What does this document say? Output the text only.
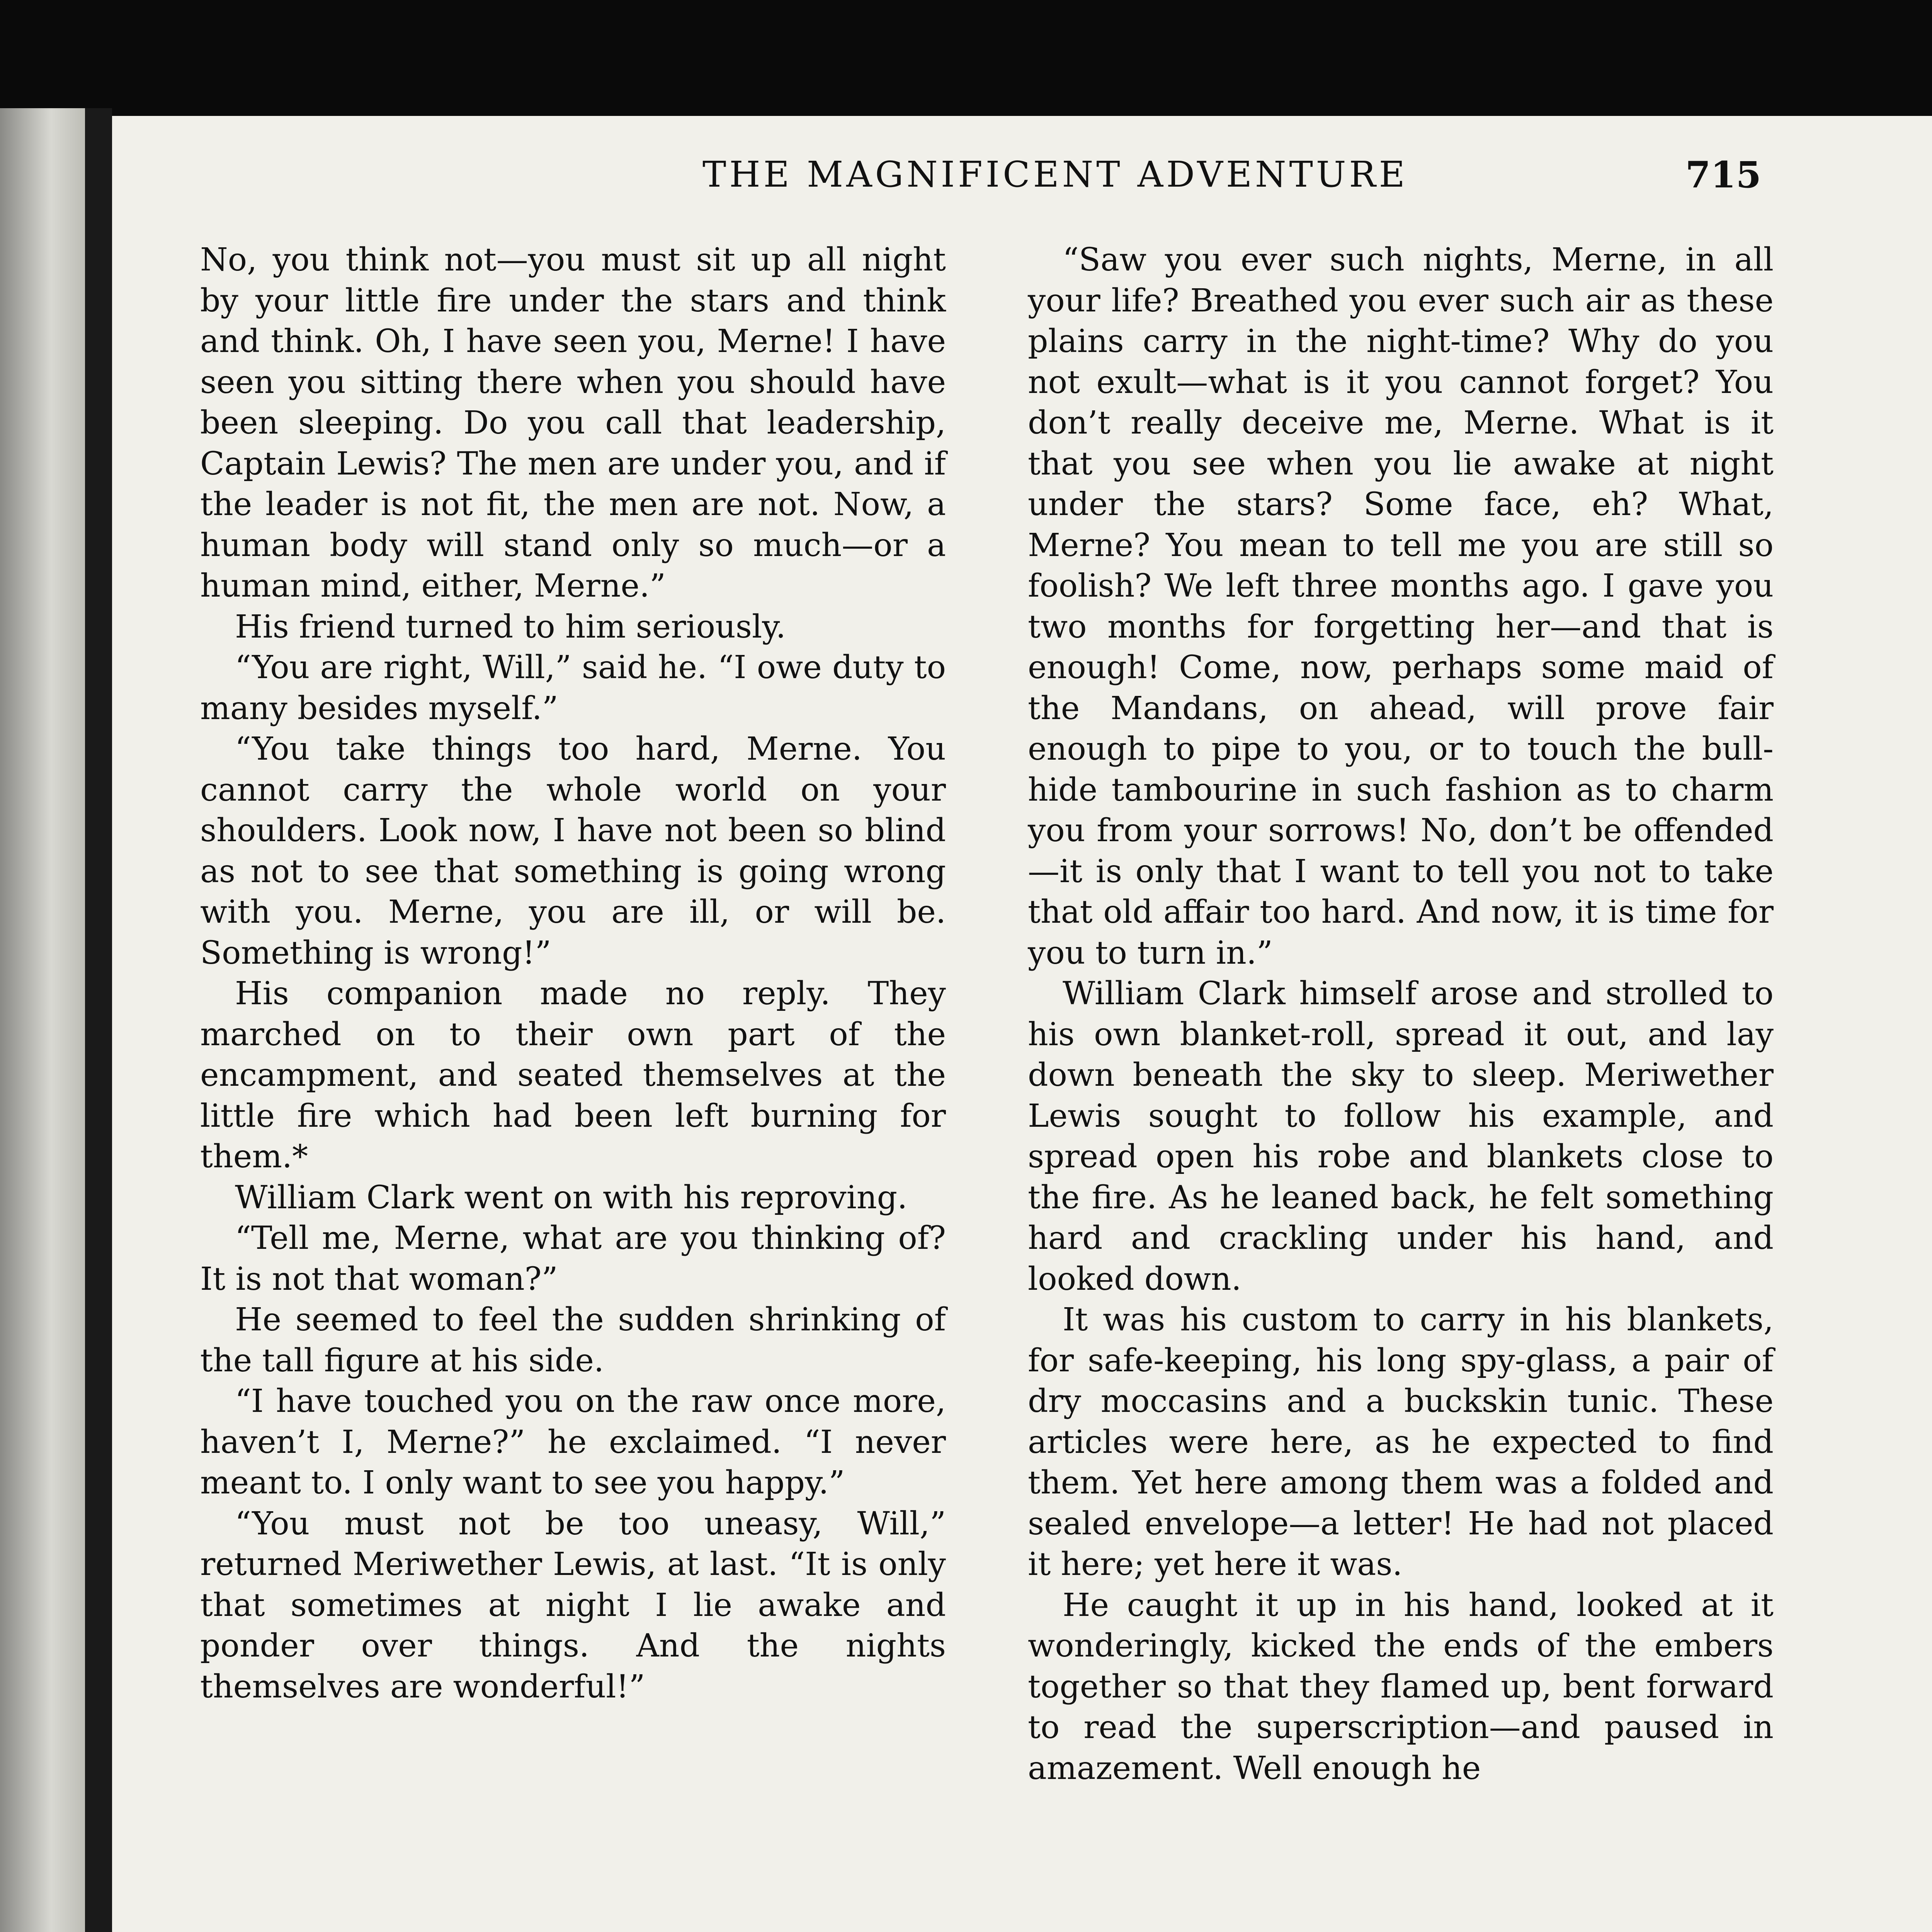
THE MAGNIFICENT ADVENTURE	715

No, you think not—you must sit up all night by your little fire under the stars and think and think. Oh, I have seen you, Merne! I have seen you sitting there when you should have been sleeping. Do you call that leadership, Captain Lewis? The men are under you, and if the leader is not fit, the men are not. Now, a human body will stand only so much—or a human mind, either, Merne.”

His friend turned to him seriously.

“You are right, Will,” said he. “I owe duty to many besides myself.”

“You take things too hard, Merne. You cannot carry the whole world on your shoulders. Look now, I have not been so blind as not to see that something is going wrong with you. Merne, you are ill, or will be. Something is wrong!”

His companion made no reply. They marched on to their own part of the encampment, and seated themselves at the little fire which had been left burning for them.*

William Clark went on with his reproving.

“Tell me, Merne, what are you thinking of? It is not that woman?”

He seemed to feel the sudden shrinking of the tall figure at his side.

“I have touched you on the raw once more, haven’t I, Merne?” he exclaimed. “I never meant to. I only want to see you happy.”

“You must not be too uneasy, Will,” returned Meriwether Lewis, at last. “It is only that sometimes at night I lie awake and ponder over things. And the nights themselves are wonderful!”

“Saw you ever such nights, Merne, in all your life? Breathed you ever such air as these plains carry in the night-time? Why do you not exult—what is it you cannot forget? You don’t really deceive me, Merne. What is it that you see when you lie awake at night under the stars? Some face, eh? What, Merne? You mean to tell me you are still so foolish? We left three months ago. I gave you two months for forgetting her—and that is enough! Come, now, perhaps some maid of the Mandans, on ahead, will prove fair enough to pipe to you, or to touch the bull-hide tambourine in such fashion as to charm you from your sorrows! No, don’t be offended—it is only that I want to tell you not to take that old affair too hard. And now, it is time for you to turn in.”

William Clark himself arose and strolled to his own blanket-roll, spread it out, and lay down beneath the sky to sleep. Meriwether Lewis sought to follow his example, and spread open his robe and blankets close to the fire. As he leaned back, he felt something hard and crackling under his hand, and looked down.

It was his custom to carry in his blankets, for safe-keeping, his long spy-glass, a pair of dry moccasins and a buckskin tunic. These articles were here, as he expected to find them. Yet here among them was a folded and sealed envelope—a letter! He had not placed it here; yet here it was.

He caught it up in his hand, looked at it wonderingly, kicked the ends of the embers together so that they flamed up, bent forward to read the superscription—and paused in amazement. Well enough he
